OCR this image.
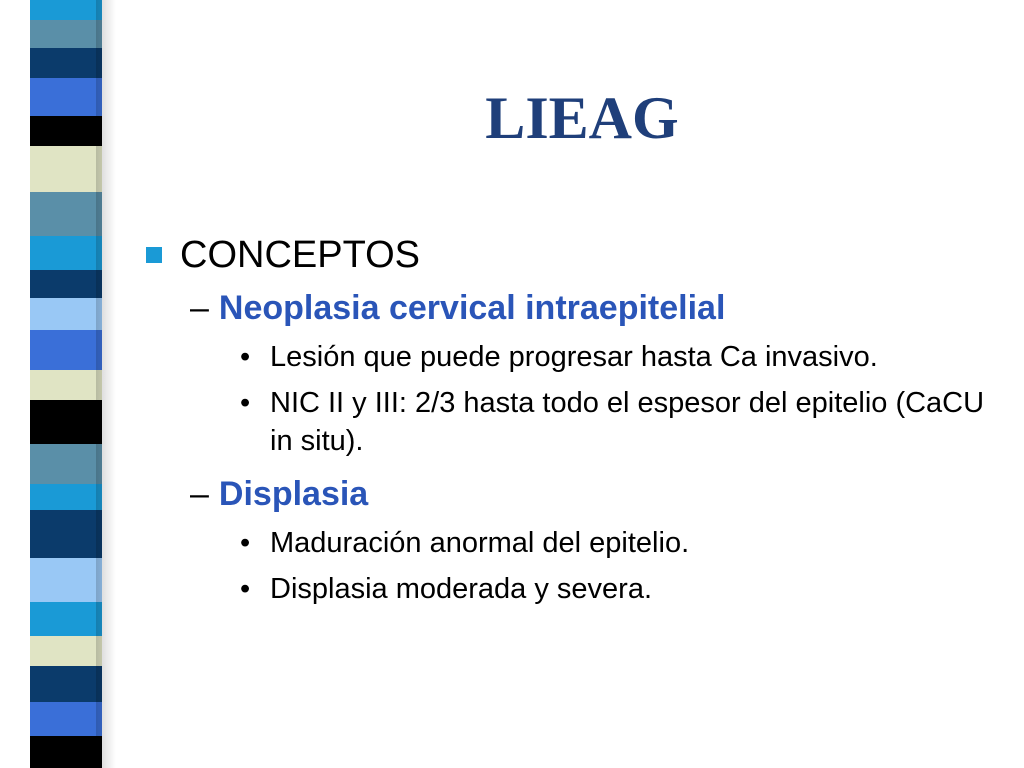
LIEAG
CONCEPTOS
– Neoplasia cervical intraepitelial
• Lesión que puede progresar hasta Ca invasivo.
• NIC II y III: 2/3 hasta todo el espesor del epitelio (CaCU in situ).
– Displasia
• Maduración anormal del epitelio.
• Displasia moderada y severa.
